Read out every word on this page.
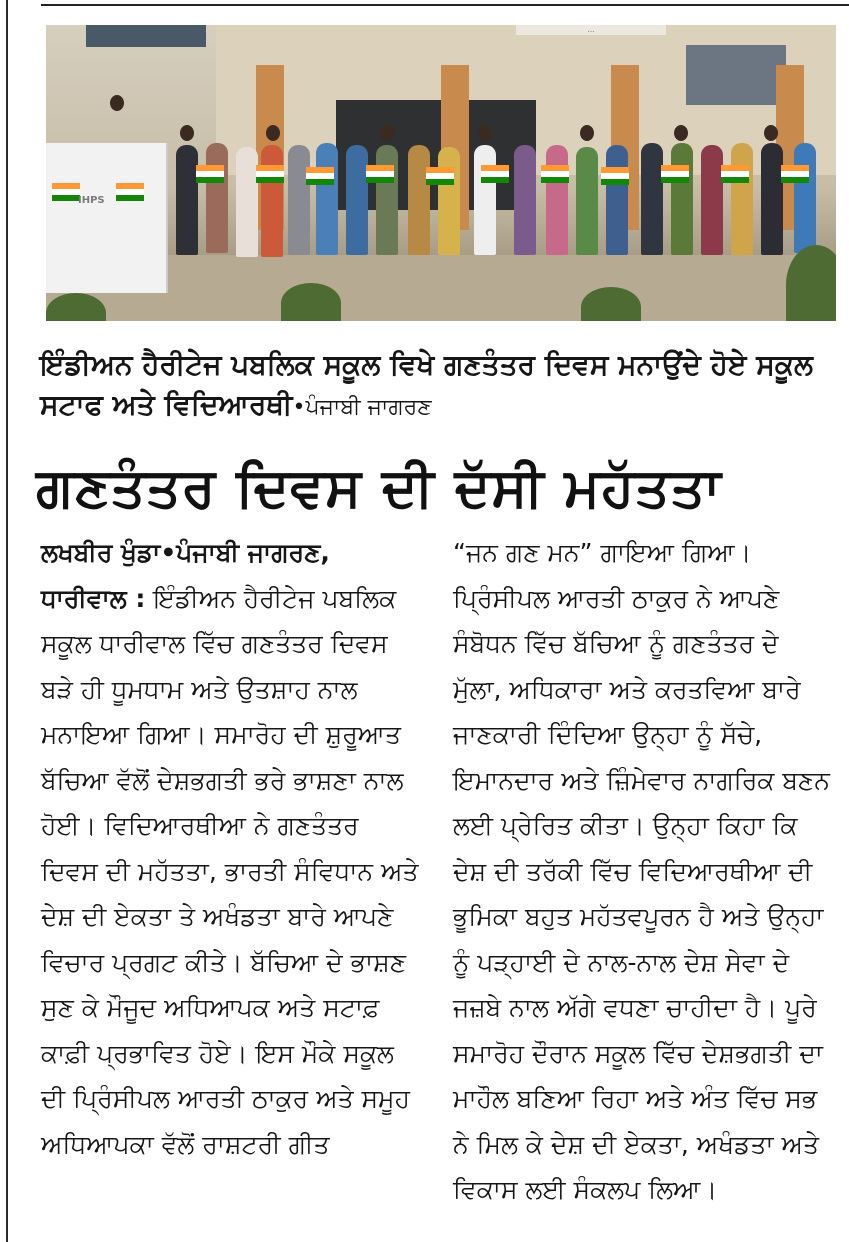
...
IHPS
ਇੰਡੀਅਨ ਹੈਰੀਟੇਜ ਪਬਲਿਕ ਸਕੂਲ ਵਿਖੇ ਗਣਤੰਤਰ ਦਿਵਸ ਮਨਾਉਂਦੇ ਹੋਏ ਸਕੂਲ ਸਟਾਫ ਅਤੇ ਵਿਦਿਆਰਥੀ•ਪੰਜਾਬੀ ਜਾਗਰਣ
ਗਣਤੰਤਰ ਦਿਵਸ ਦੀ ਦੱਸੀ ਮਹੱਤਤਾ

ਲਖਬੀਰ ਖੁੰਡਾ•ਪੰਜਾਬੀ ਜਾਗਰਣ,

ਧਾਰੀਵਾਲ : ਇੰਡੀਅਨ ਹੈਰੀਟੇਜ ਪਬਲਿਕ ਸਕੂਲ ਧਾਰੀਵਾਲ ਵਿੱਚ ਗਣਤੰਤਰ ਦਿਵਸ ਬੜੇ ਹੀ ਧੂਮਧਾਮ ਅਤੇ ਉਤਸ਼ਾਹ ਨਾਲ ਮਨਾਇਆ ਗਿਆ। ਸਮਾਰੋਹ ਦੀ ਸ਼ੁਰੂਆਤ ਬੱਚਿਆ ਵੱਲੋਂ ਦੇਸ਼ਭਗਤੀ ਭਰੇ ਭਾਸ਼ਣਾ ਨਾਲ ਹੋਈ। ਵਿਦਿਆਰਥੀਆ ਨੇ ਗਣਤੰਤਰ ਦਿਵਸ ਦੀ ਮਹੱਤਤਾ, ਭਾਰਤੀ ਸੰਵਿਧਾਨ ਅਤੇ ਦੇਸ਼ ਦੀ ਏਕਤਾ ਤੇ ਅਖੰਡਤਾ ਬਾਰੇ ਆਪਣੇ ਵਿਚਾਰ ਪ੍ਰਗਟ ਕੀਤੇ। ਬੱਚਿਆ ਦੇ ਭਾਸ਼ਣ ਸੁਣ ਕੇ ਮੌਜੂਦ ਅਧਿਆਪਕ ਅਤੇ ਸਟਾਫ਼ ਕਾਫ਼ੀ ਪ੍ਰਭਾਵਿਤ ਹੋਏ। ਇਸ ਮੌਕੇ ਸਕੂਲ ਦੀ ਪ੍ਰਿੰਸੀਪਲ ਆਰਤੀ ਠਾਕੁਰ ਅਤੇ ਸਮੂਹ ਅਧਿਆਪਕਾ ਵੱਲੋਂ ਰਾਸ਼ਟਰੀ ਗੀਤ

“ਜਨ ਗਣ ਮਨ” ਗਾਇਆ ਗਿਆ। ਪ੍ਰਿੰਸੀਪਲ ਆਰਤੀ ਠਾਕੁਰ ਨੇ ਆਪਣੇ ਸੰਬੋਧਨ ਵਿੱਚ ਬੱਚਿਆ ਨੂੰ ਗਣਤੰਤਰ ਦੇ ਮੁੱਲਾ, ਅਧਿਕਾਰਾ ਅਤੇ ਕਰਤਵਿਆ ਬਾਰੇ ਜਾਣਕਾਰੀ ਦਿੰਦਿਆ ਉਨ੍ਹਾ ਨੂੰ ਸੱਚੇ, ਇਮਾਨਦਾਰ ਅਤੇ ਜ਼ਿੰਮੇਵਾਰ ਨਾਗਰਿਕ ਬਣਨ ਲਈ ਪ੍ਰੇਰਿਤ ਕੀਤਾ। ਉਨ੍ਹਾ ਕਿਹਾ ਕਿ ਦੇਸ਼ ਦੀ ਤਰੱਕੀ ਵਿੱਚ ਵਿਦਿਆਰਥੀਆ ਦੀ ਭੂਮਿਕਾ ਬਹੁਤ ਮਹੱਤਵਪੂਰਨ ਹੈ ਅਤੇ ਉਨ੍ਹਾ ਨੂੰ ਪੜ੍ਹਾਈ ਦੇ ਨਾਲ-ਨਾਲ ਦੇਸ਼ ਸੇਵਾ ਦੇ ਜਜ਼ਬੇ ਨਾਲ ਅੱਗੇ ਵਧਣਾ ਚਾਹੀਦਾ ਹੈ। ਪੂਰੇ ਸਮਾਰੋਹ ਦੌਰਾਨ ਸਕੂਲ ਵਿੱਚ ਦੇਸ਼ਭਗਤੀ ਦਾ ਮਾਹੌਲ ਬਣਿਆ ਰਿਹਾ ਅਤੇ ਅੰਤ ਵਿੱਚ ਸਭ ਨੇ ਮਿਲ ਕੇ ਦੇਸ਼ ਦੀ ਏਕਤਾ, ਅਖੰਡਤਾ ਅਤੇ ਵਿਕਾਸ ਲਈ ਸੰਕਲਪ ਲਿਆ।
